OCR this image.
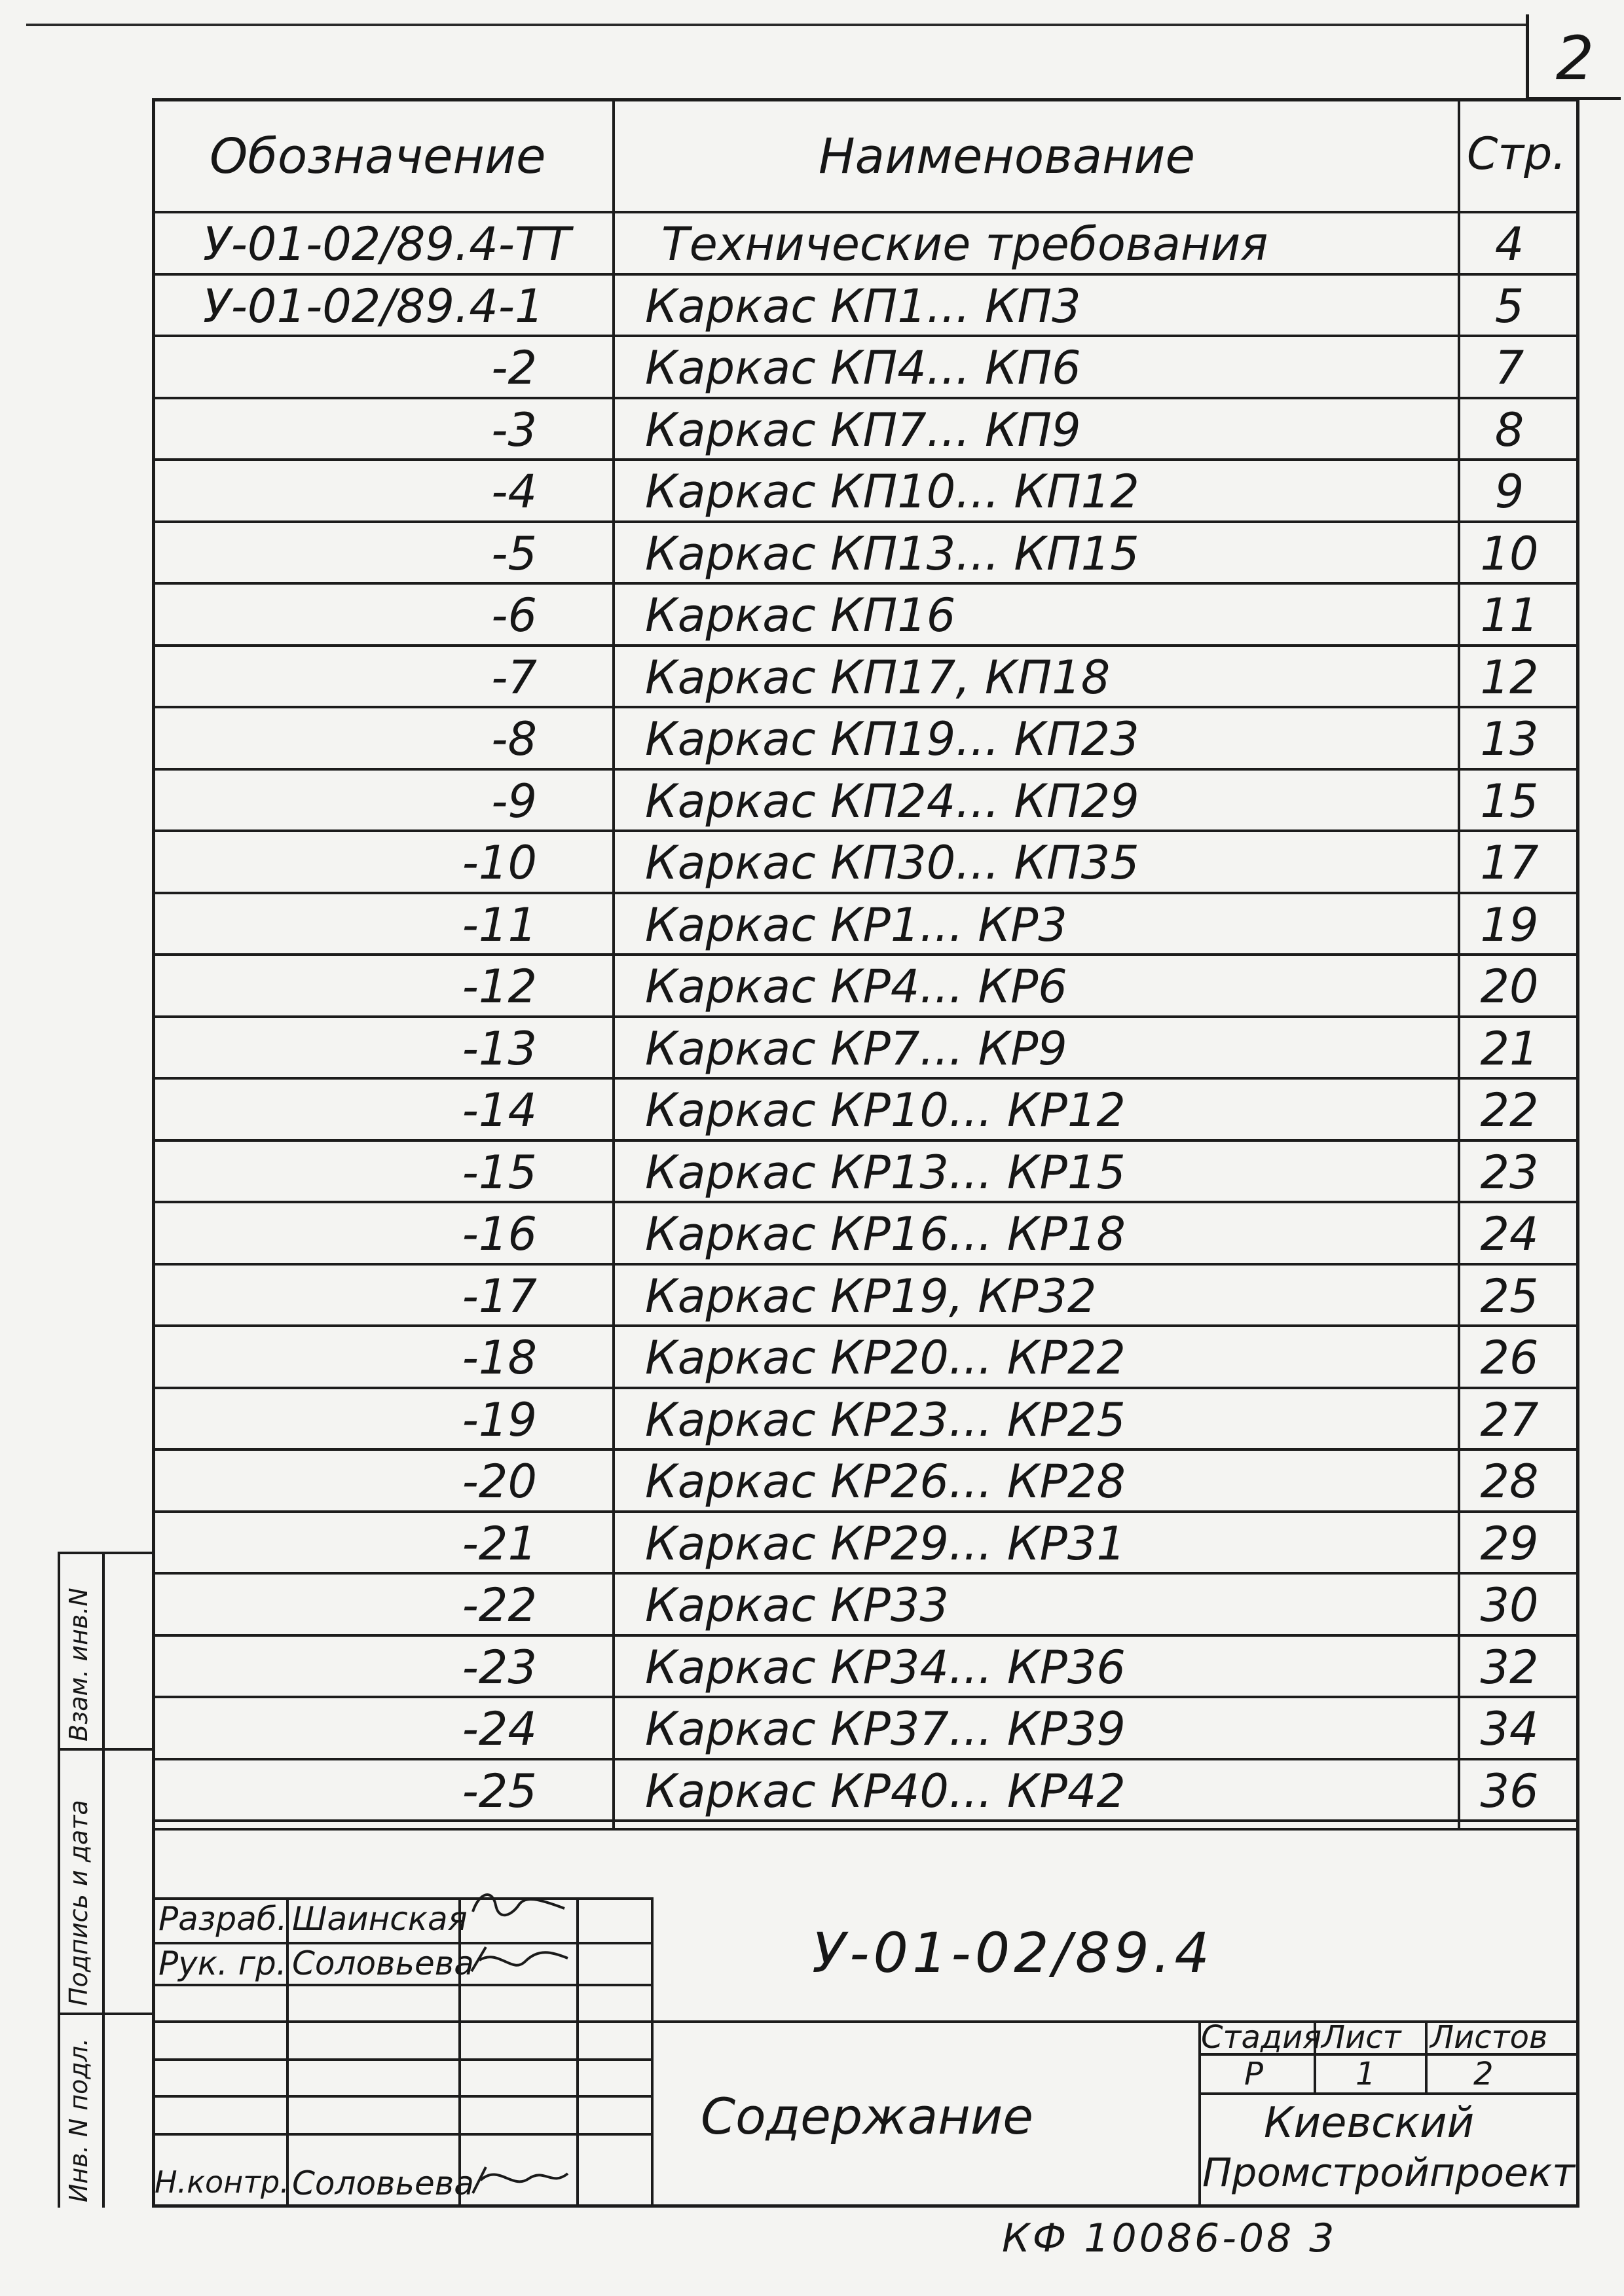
2
Обозначение	Наименование	Стр.
У-01-02/89.4-ТТ Технические требования	4
У-01-02/89.4-1 Каркас КП1... КП3	5
-2 Каркас КП4... КП6	7
-3 Каркас КП7... КП9	8
-4 Каркас КП10... КП12	9
-5 Каркас КП13... КП15	10
-6 Каркас КП16	11
-7 Каркас КП17, КП18	12
-8 Каркас КП19... КП23	13
-9 Каркас КП24... КП29	15
-10 Каркас КП30... КП35	17
-11 Каркас КР1... КР3	19
-12 Каркас КР4... КР6	20
-13 Каркас КР7... КР9	21
-14 Каркас КР10... КР12	22
-15 Каркас КР13... КР15	23
-16 Каркас КР16... КР18	24
-17 Каркас КР19, КР32	25
-18 Каркас КР20... КР22	26
-19 Каркас КР23... КР25	27
-20 Каркас КР26... КР28	28
-21 Каркас КР29... КР31	29
-22 Каркас КР33	30
-23 Каркас КР34... КР36	32
-24 Каркас КР37... КР39	34
-25 Каркас КР40... КР42	36
Взам. инв.N
Подпись и дата
Инв. N подл.
Разраб. Шаинская
Рук. гр. Соловьева
Н.контр. Соловьева
У-01-02/89.4
Содержание
Стадия Лист Листов
Р	1	2
Киевский
Промстройпроект
КФ 10086-08 3
